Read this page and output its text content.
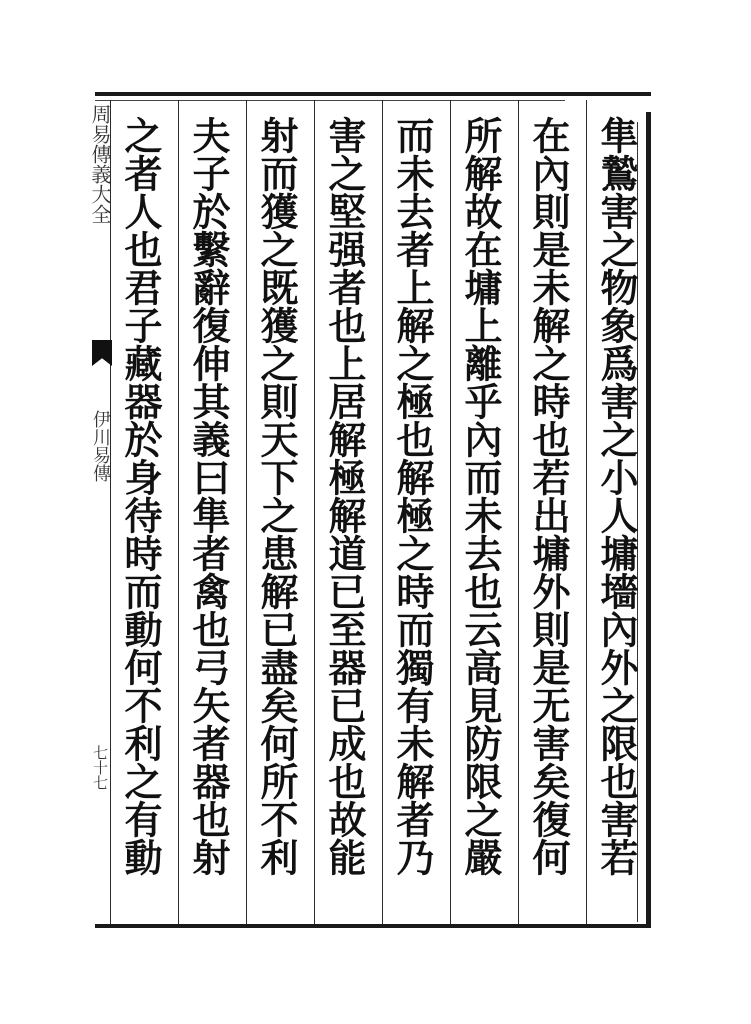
周易傳義大全
伊川易傳
七十七	隼鷙害之物象爲害之小人墉墻內外之限也害若
在內則是未解之時也若出墉外則是无害矣復何
所解故在墉上離乎內而未去也云高見防限之嚴
而未去者上解之極也解極之時而獨有未解者乃
害之堅强者也上居解極解道已至器已成也故能
射而獲之既獲之則天下之患解已盡矣何所不利
夫子於繫辭復伸其義曰隼者禽也弓矢者器也射
之者人也君子藏器於身待時而動何不利之有動
